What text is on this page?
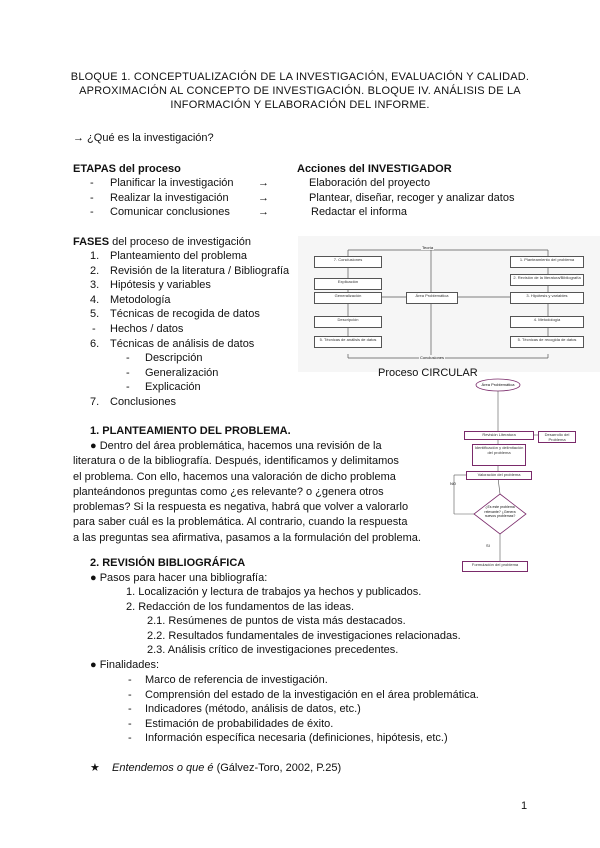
BLOQUE 1. CONCEPTUALIZACIÓN DE LA INVESTIGACIÓN, EVALUACIÓN Y CALIDAD.
APROXIMACIÓN AL CONCEPTO DE INVESTIGACIÓN. BLOQUE IV. ANÁLISIS DE LA
INFORMACIÓN Y ELABORACIÓN DEL INFORME.
→ ¿Qué es la investigación?
ETAPAS del proceso	Acciones del INVESTIGADOR
- Planificar la investigación →	Elaboración del proyecto
- Realizar la investigación	→	Plantear, diseñar, recoger y analizar datos
- Comunicar conclusiones	→	Redactar el informa
FASES del proceso de investigación
1. Planteamiento del problema
2. Revisión de la literatura / Bibliografía
3. Hipótesis y variables
4. Metodología
5. Técnicas de recogida de datos
- Hechos / datos
6. Técnicas de análisis de datos
- Descripción
- Generalización
- Explicación
7. Conclusiones
Teoría
Conclusiones
Área Problemática
7. Conclusiones
Explicación
Generalización
Descripción
5. Técnicas de análisis de datos
1. Planteamiento del problema
2. Revisión de la literatura/Bibliografía
3. Hipótesis y variables
4. Metodología
5. Técnicas de recogida de datos
Proceso CIRCULAR
1. PLANTEAMIENTO DEL PROBLEMA.
● Dentro del área problemática, hacemos una revisión de la
literatura o de la bibliografía. Después, identificamos y delimitamos
el problema. Con ello, hacemos una valoración de dicho problema
planteándonos preguntas como ¿es relevante? o ¿genera otros
problemas? Si la respuesta es negativa, habrá que volver a valorarlo
para saber cuál es la problemática. Al contrario, cuando la respuesta
a las preguntas sea afirmativa, pasamos a la formulación del problema.
Área Problemática
Revisión Literatura	Desarrollo del Problema
Identificación y delimitación del problema
Valoración del problema
¿Es este problema relevante? ¿Genera nuevos problemas?
NO
SI
Formulación del problema
2. REVISIÓN BIBLIOGRÁFICA
● Pasos para hacer una bibliografía:
1. Localización y lectura de trabajos ya hechos y publicados.
2. Redacción de los fundamentos de las ideas.
2.1. Resúmenes de puntos de vista más destacados.
2.2. Resultados fundamentales de investigaciones relacionadas.
2.3. Análisis crítico de investigaciones precedentes.
● Finalidades:
- Marco de referencia de investigación.
- Comprensión del estado de la investigación en el área problemática.
- Indicadores (método, análisis de datos, etc.)
- Estimación de probabilidades de éxito.
- Información específica necesaria (definiciones, hipótesis, etc.)
★ Entendemos o que é (Gálvez-Toro, 2002, P.25)
1
